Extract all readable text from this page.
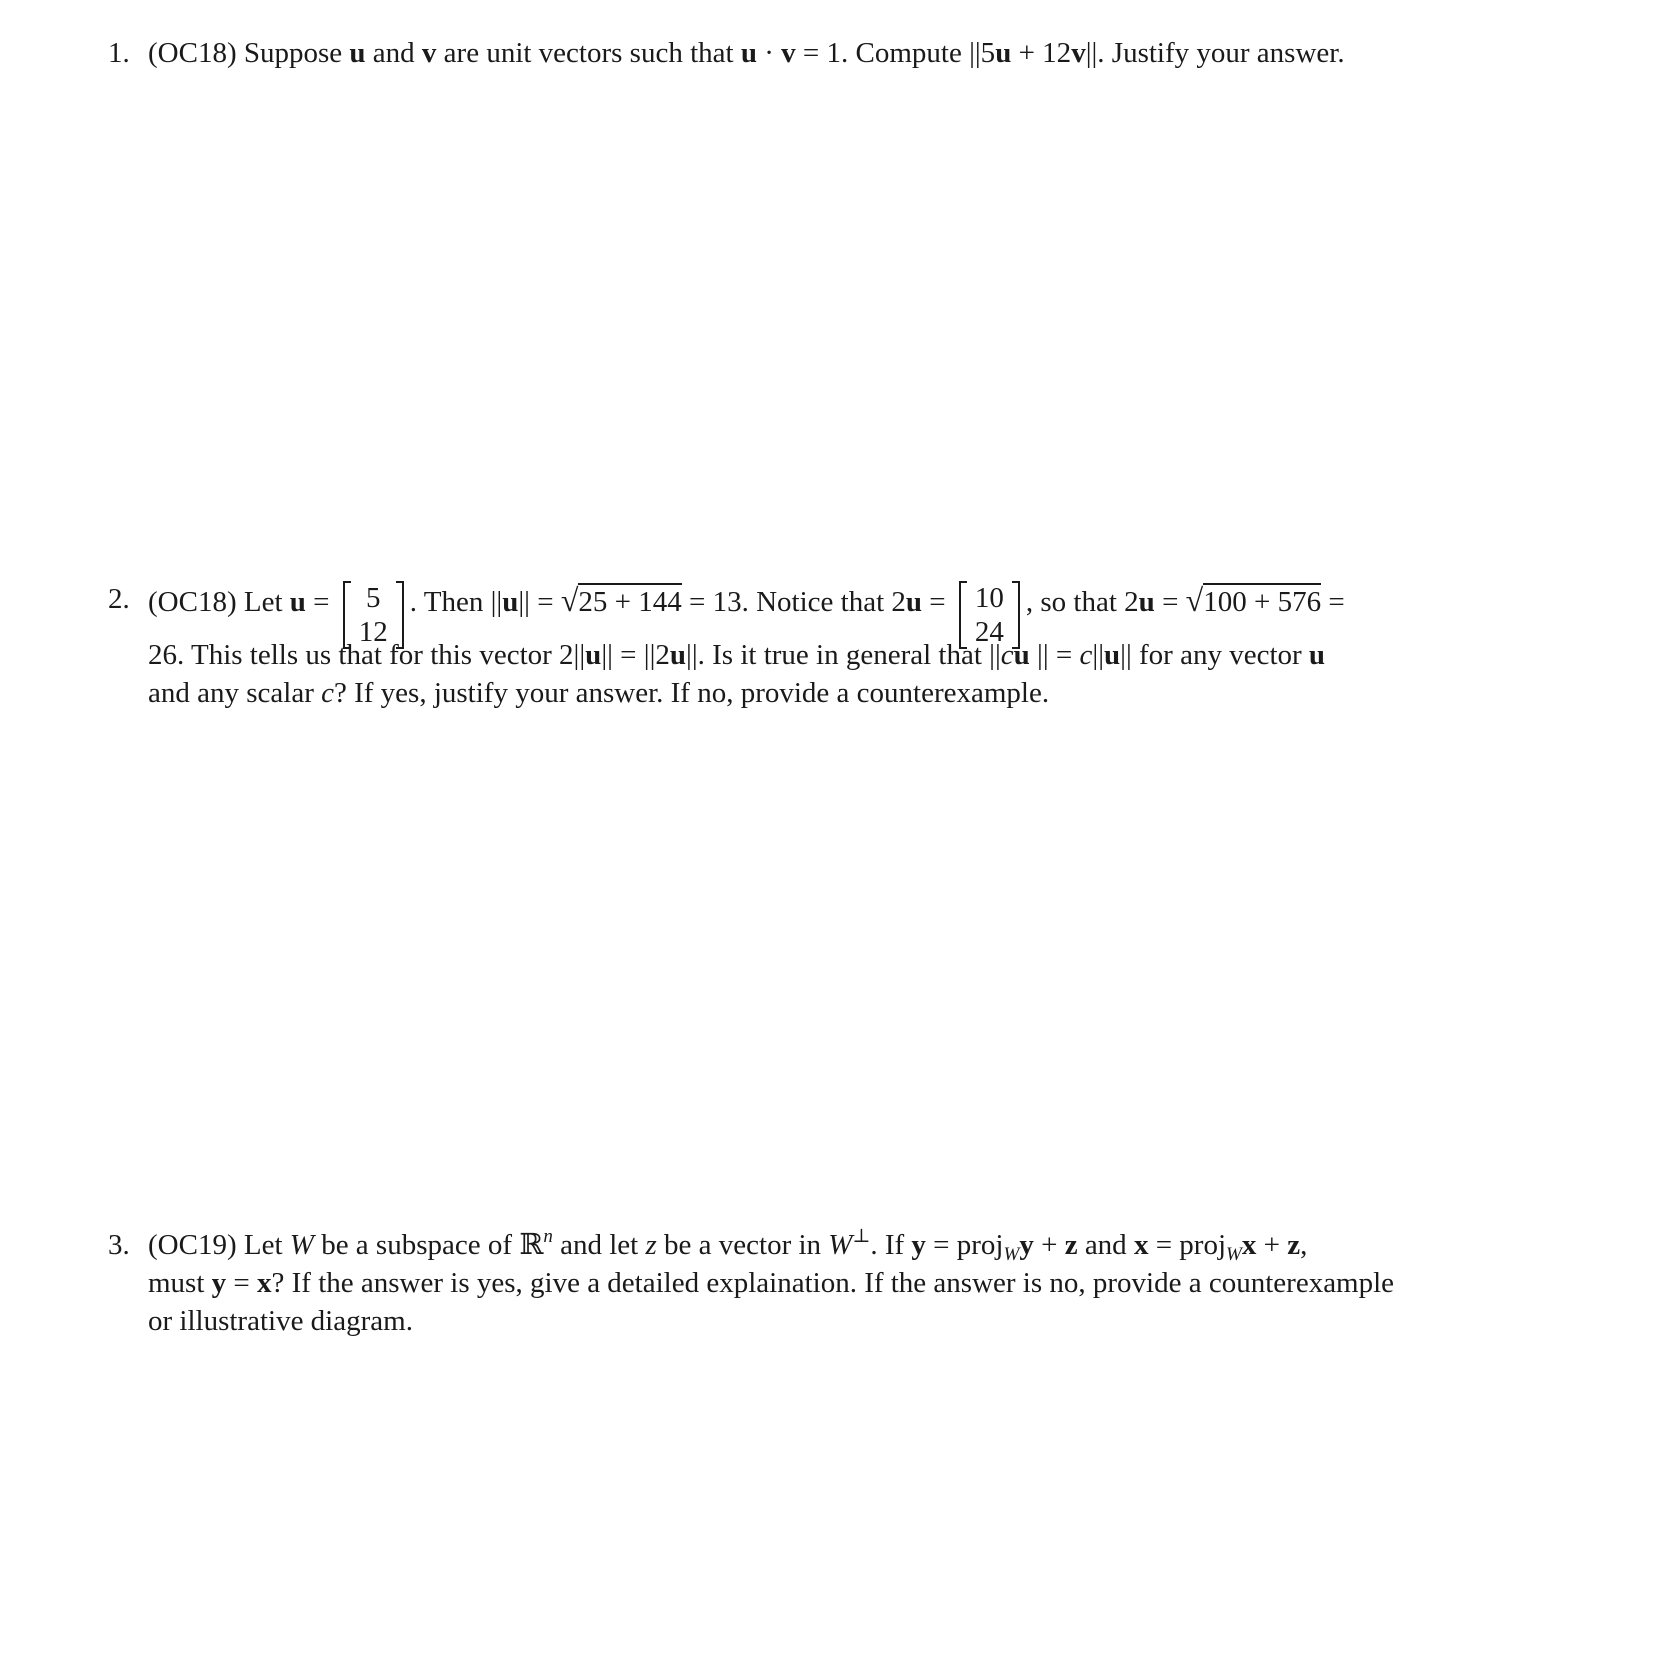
1. (OC18) Suppose u and v are unit vectors such that u · v = 1. Compute ||5u + 12v||. Justify your answer.
2. (OC18) Let u = 5
12
. Then ||u|| = √25 + 144 = 13. Notice that 2u = 10
24
, so that 2u = √100 + 576 =
26. This tells us that for this vector 2||u|| = ||2u||. Is it true in general that ||cu || = c||u|| for any vector u
and any scalar c? If yes, justify your answer. If no, provide a counterexample.
3. (OC19) Let W be a subspace of ℝ$^n$ and let z be a vector in W⊥. If y = proj$_W$y + z and x = proj$_W$x + z,
must y = x? If the answer is yes, give a detailed explaination. If the answer is no, provide a counterexample
or illustrative diagram.
